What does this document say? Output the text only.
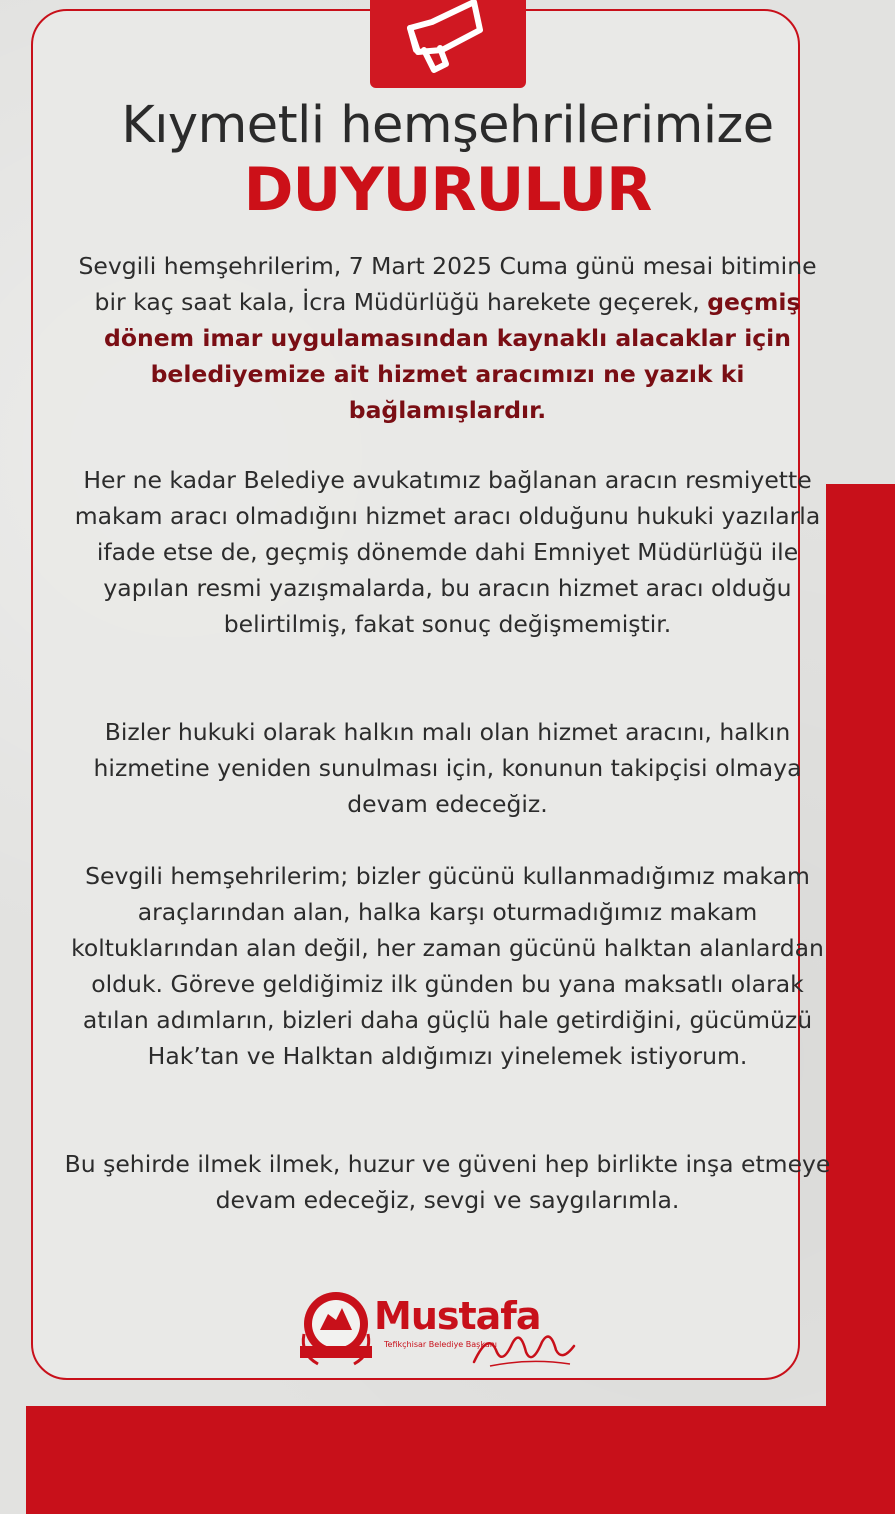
Kıymetli hemşehrilerimize
DUYURULUR

Sevgili hemşehrilerim, 7 Mart 2025 Cuma günü mesai bitimine bir kaç saat kala, İcra Müdürlüğü harekete geçerek, geçmiş dönem imar uygulamasından kaynaklı alacaklar için belediyemize ait hizmet aracımızı ne yazık ki bağlamışlardır.

Her ne kadar Belediye avukatımız bağlanan aracın resmiyette makam aracı olmadığını hizmet aracı olduğunu hukuki yazılarla ifade etse de, geçmiş dönemde dahi Emniyet Müdürlüğü ile yapılan resmi yazışmalarda, bu aracın hizmet aracı olduğu belirtilmiş, fakat sonuç değişmemiştir.

Bizler hukuki olarak halkın malı olan hizmet aracını, halkın hizmetine yeniden sunulması için, konunun takipçisi olmaya devam edeceğiz.

Sevgili hemşehrilerim; bizler gücünü kullanmadığımız makam araçlarından alan, halka karşı oturmadığımız makam koltuklarından alan değil, her zaman gücünü halktan alanlardan olduk. Göreve geldiğimiz ilk günden bu yana maksatlı olarak atılan adımların, bizleri daha güçlü hale getirdiğini, gücümüzü Hak’tan ve Halktan aldığımızı yinelemek istiyorum.

Bu şehirde ilmek ilmek, huzur ve güveni hep birlikte inşa etmeye devam edeceğiz, sevgi ve saygılarımla.

Mustafa
Tefikçhisar Belediye Başkanı
